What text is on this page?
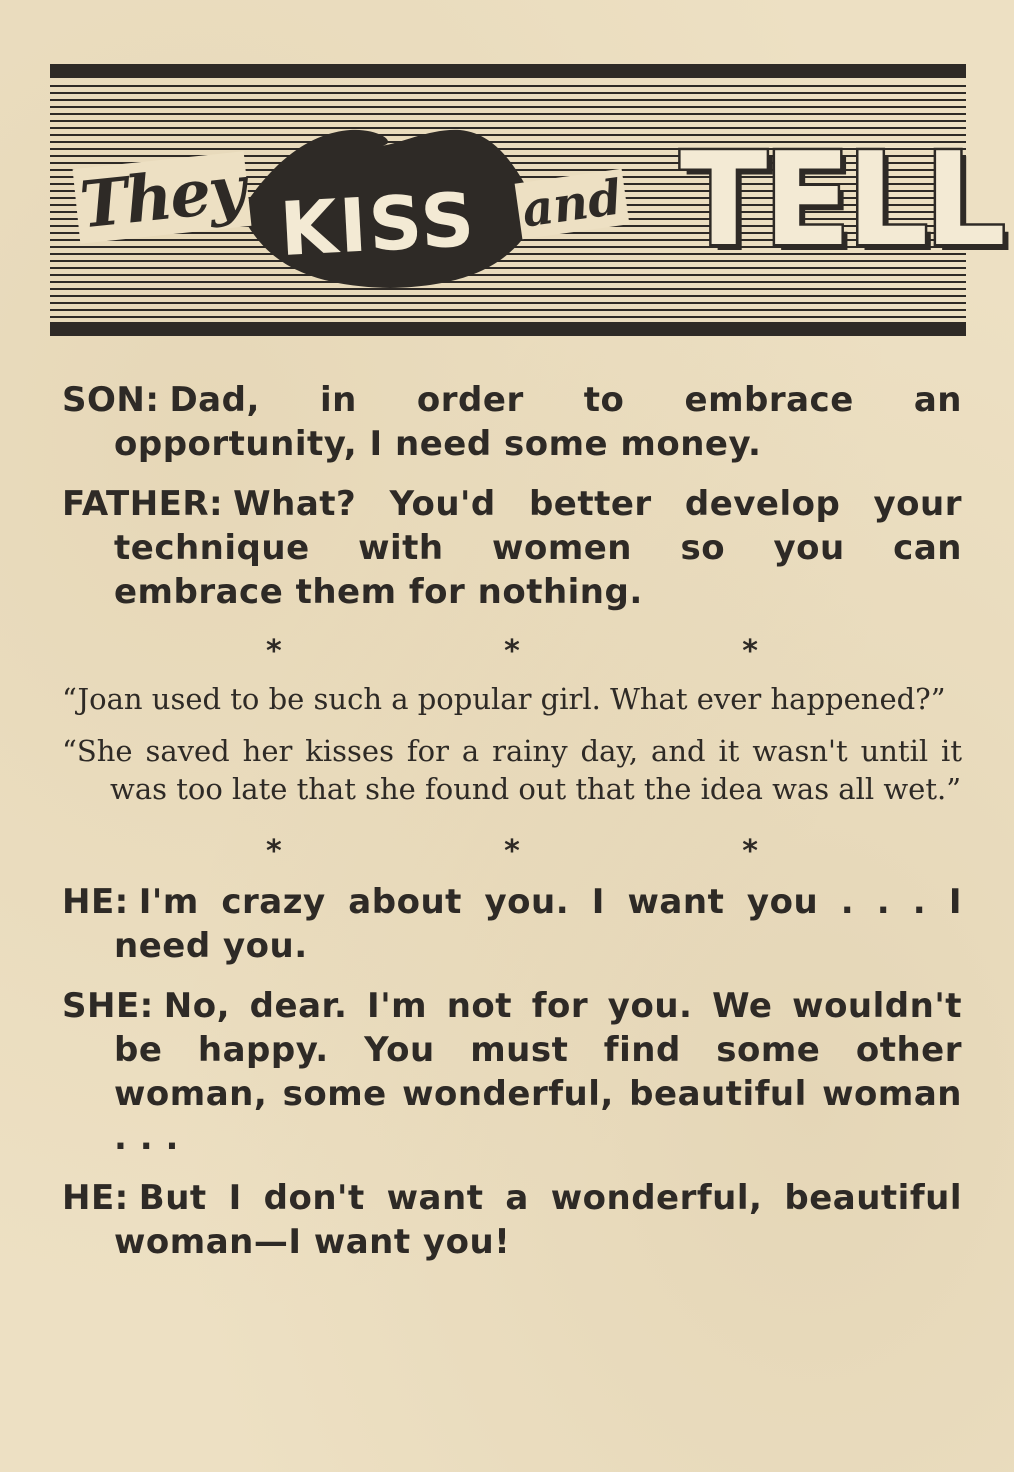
They KISS and TELL

SON: Dad, in order to embrace an opportunity, I need some money.

FATHER: What? You'd better develop your technique with women so you can embrace them for nothing.

* * *

“Joan used to be such a popular girl. What ever happened?”

“She saved her kisses for a rainy day, and it wasn't until it was too late that she found out that the idea was all wet.”

* * *

HE: I'm crazy about you. I want you . . . I need you.

SHE: No, dear. I'm not for you. We wouldn't be happy. You must find some other woman, some wonderful, beautiful woman . . .

HE: But I don't want a wonderful, beautiful woman—I want you!
